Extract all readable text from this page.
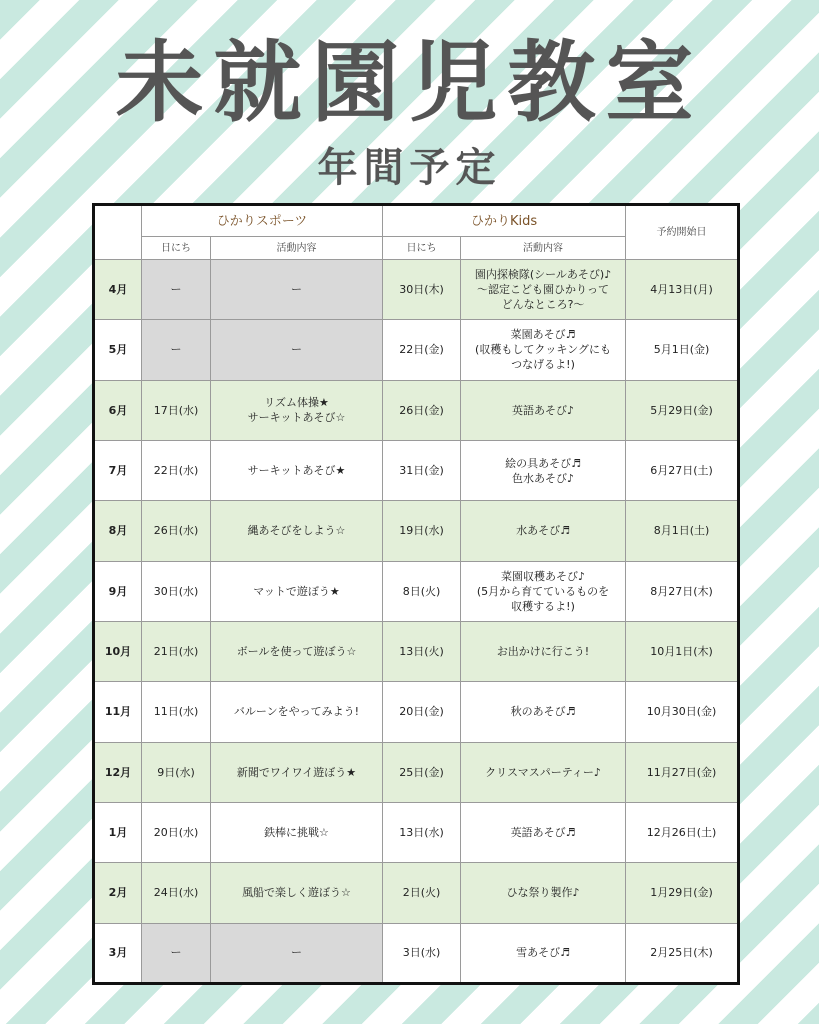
未就園児教室
年間予定
	ひかりスポーツ		ひかりKids		予約開始日
	日にち	活動内容	日にち	活動内容	
4月	ー	ー	30日(木)	園内探検隊(シールあそび)♪
〜認定こども園ひかりって
どんなところ?〜	4月13日(月)
5月	ー	ー	22日(金)	菜園あそび♬
(収穫もしてクッキングにも
つなげるよ!)	5月1日(金)
6月	17日(水)	リズム体操★
サーキットあそび☆	26日(金)	英語あそび♪	5月29日(金)
7月	22日(水)	サーキットあそび★	31日(金)	絵の具あそび♬
色水あそび♪	6月27日(土)
8月	26日(水)	縄あそびをしよう☆	19日(水)	水あそび♬	8月1日(土)
9月	30日(水)	マットで遊ぼう★	8日(火)	菜園収穫あそび♪
(5月から育てているものを
収穫するよ!)	8月27日(木)
10月	21日(水)	ボールを使って遊ぼう☆	13日(火)	お出かけに行こう!	10月1日(木)
11月	11日(水)	バルーンをやってみよう!	20日(金)	秋のあそび♬	10月30日(金)
12月	9日(水)	新聞でワイワイ遊ぼう★	25日(金)	クリスマスパーティー♪	11月27日(金)
1月	20日(水)	鉄棒に挑戦☆	13日(水)	英語あそび♬	12月26日(土)
2月	24日(水)	風船で楽しく遊ぼう☆	2日(火)	ひな祭り製作♪	1月29日(金)
3月	ー	ー	3日(水)	雪あそび♬	2月25日(木)
